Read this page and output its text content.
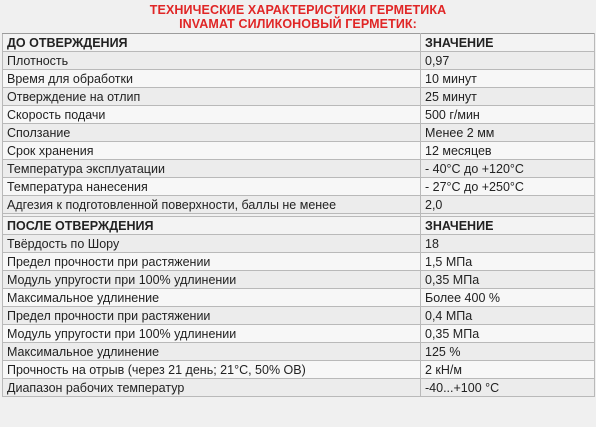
ТЕХНИЧЕСКИЕ ХАРАКТЕРИСТИКИ ГЕРМЕТИКА
INVAMAT СИЛИКОНОВЫЙ ГЕРМЕТИК:
ДО ОТВЕРЖДЕНИЯ	ЗНАЧЕНИЕ
Плотность	0,97
Время для обработки	10 минут
Отверждение на отлип	25 минут
Скорость подачи	500 г/мин
Сползание	Менее 2 мм
Срок хранения	12 месяцев
Температура эксплуатации	- 40°С до +120°С
Температура нанесения	- 27°С до +250°С
Адгезия к подготовленной поверхности, баллы не менее	2,0

ПОСЛЕ ОТВЕРЖДЕНИЯ	ЗНАЧЕНИЕ
Твёрдость по Шору	18
Предел прочности при растяжении	1,5 МПа
Модуль упругости при 100% удлинении	0,35 МПа
Максимальное удлинение	Более 400 %
Предел прочности при растяжении	0,4 МПа
Модуль упругости при 100% удлинении	0,35 МПа
Максимальное удлинение	125 %
Прочность на отрыв (через 21 день; 21°С, 50% ОВ)	2 кН/м
Диапазон рабочих температур	-40...+100 °С
